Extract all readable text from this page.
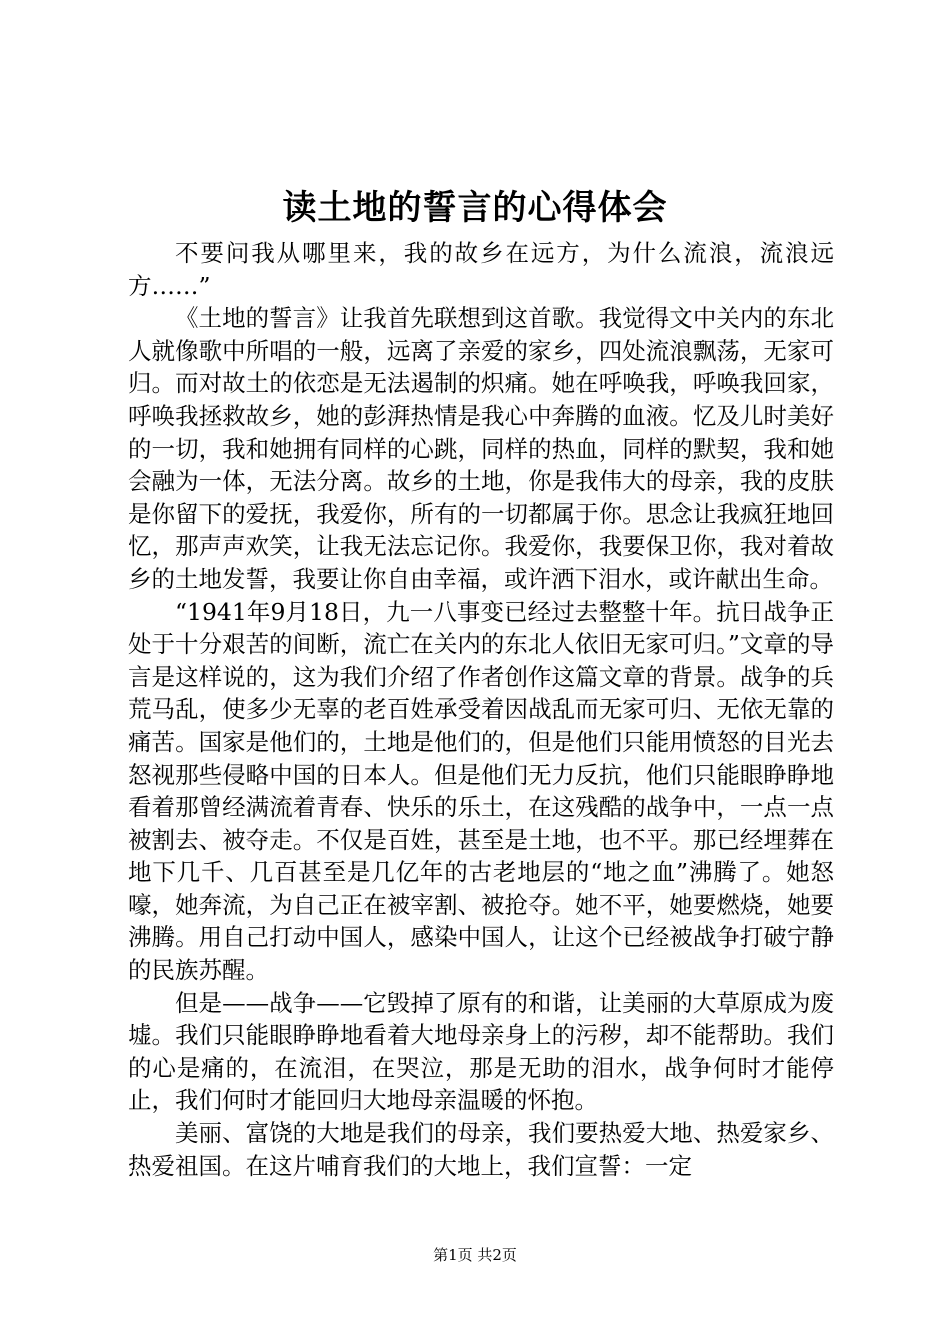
读土地的誓言的心得体会

不要问我从哪里来，我的故乡在远方，为什么流浪，流浪远方……”

《土地的誓言》让我首先联想到这首歌。我觉得文中关内的东北人就像歌中所唱的一般，远离了亲爱的家乡，四处流浪飘荡，无家可归。而对故土的依恋是无法遏制的炽痛。她在呼唤我，呼唤我回家，呼唤我拯救故乡，她的彭湃热情是我心中奔腾的血液。忆及儿时美好的一切，我和她拥有同样的心跳，同样的热血，同样的默契，我和她会融为一体，无法分离。故乡的土地，你是我伟大的母亲，我的皮肤是你留下的爱抚，我爱你，所有的一切都属于你。思念让我疯狂地回忆，那声声欢笑，让我无法忘记你。我爱你，我要保卫你，我对着故乡的土地发誓，我要让你自由幸福，或许洒下泪水，或许献出生命。

“1941年9月18日，九一八事变已经过去整整十年。抗日战争正处于十分艰苦的间断，流亡在关内的东北人依旧无家可归。”文章的导言是这样说的，这为我们介绍了作者创作这篇文章的背景。战争的兵荒马乱，使多少无辜的老百姓承受着因战乱而无家可归、无依无靠的痛苦。国家是他们的，土地是他们的，但是他们只能用愤怒的目光去怒视那些侵略中国的日本人。但是他们无力反抗，他们只能眼睁睁地看着那曾经满流着青春、快乐的乐土，在这残酷的战争中，一点一点被割去、被夺走。不仅是百姓，甚至是土地，也不平。那已经埋葬在地下几千、几百甚至是几亿年的古老地层的“地之血”沸腾了。她怒嚎，她奔流，为自己正在被宰割、被抢夺。她不平，她要燃烧，她要沸腾。用自己打动中国人，感染中国人，让这个已经被战争打破宁静的民族苏醒。

但是——战争——它毁掉了原有的和谐，让美丽的大草原成为废墟。我们只能眼睁睁地看着大地母亲身上的污秽，却不能帮助。我们的心是痛的，在流泪，在哭泣，那是无助的泪水，战争何时才能停止，我们何时才能回归大地母亲温暖的怀抱。

美丽、富饶的大地是我们的母亲，我们要热爱大地、热爱家乡、热爱祖国。在这片哺育我们的大地上，我们宣誓：一定

第1页 共2页
